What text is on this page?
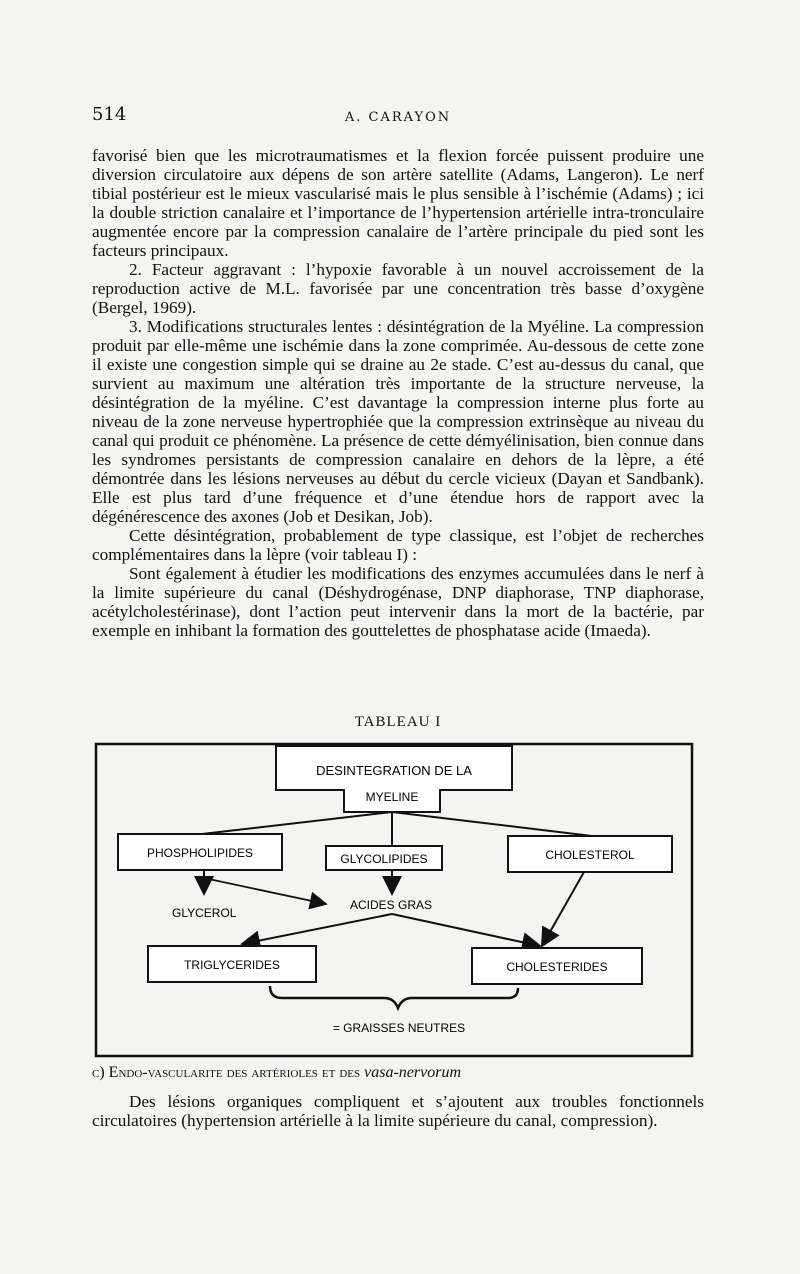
514	A. CARAYON

favorisé bien que les microtraumatismes et la flexion forcée puissent produire une diversion circulatoire aux dépens de son artère satellite (Adams, Langeron). Le nerf tibial postérieur est le mieux vascularisé mais le plus sensible à l’ischémie (Adams) ; ici la double striction canalaire et l’importance de l’hypertension artérielle intra-tronculaire augmentée encore par la compression canalaire de l’artère principale du pied sont les facteurs principaux.

2. Facteur aggravant : l’hypoxie favorable à un nouvel accroissement de la reproduction active de M.L. favorisée par une concentration très basse d’oxygène (Bergel, 1969).

3. Modifications structurales lentes : désintégration de la Myéline. La compression produit par elle-même une ischémie dans la zone comprimée. Au-dessous de cette zone il existe une congestion simple qui se draine au 2e stade. C’est au-dessus du canal, que survient au maximum une altération très importante de la structure nerveuse, la désintégration de la myéline. C’est davantage la compression interne plus forte au niveau de la zone nerveuse hypertrophiée que la compression extrinsèque au niveau du canal qui produit ce phénomène. La présence de cette démyélinisation, bien connue dans les syndromes persistants de compression canalaire en dehors de la lèpre, a été démontrée dans les lésions nerveuses au début du cercle vicieux (Dayan et Sandbank). Elle est plus tard d’une fréquence et d’une étendue hors de rapport avec la dégénérescence des axones (Job et Desikan, Job).

Cette désintégration, probablement de type classique, est l’objet de recherches complémentaires dans la lèpre (voir tableau I) :

Sont également à étudier les modifications des enzymes accumulées dans le nerf à la limite supérieure du canal (Déshydrogénase, DNP diaphorase, TNP diaphorase, acétylcholestérinase), dont l’action peut intervenir dans la mort de la bactérie, par exemple en inhibant la formation des gouttelettes de phosphatase acide (Imaeda).

TABLEAU I
DESINTEGRATION DE LA
MYELINE
PHOSPHOLIPIDES	GLYCOLIPIDES	CHOLESTEROL
GLYCEROL
ACIDES GRAS
TRIGLYCERIDES	CHOLESTERIDES
= GRAISSES NEUTRES
c) Endo-vascularite des artérioles et des vasa-nervorum

Des lésions organiques compliquent et s’ajoutent aux troubles fonctionnels circulatoires (hypertension artérielle à la limite supérieure du canal, compression).
